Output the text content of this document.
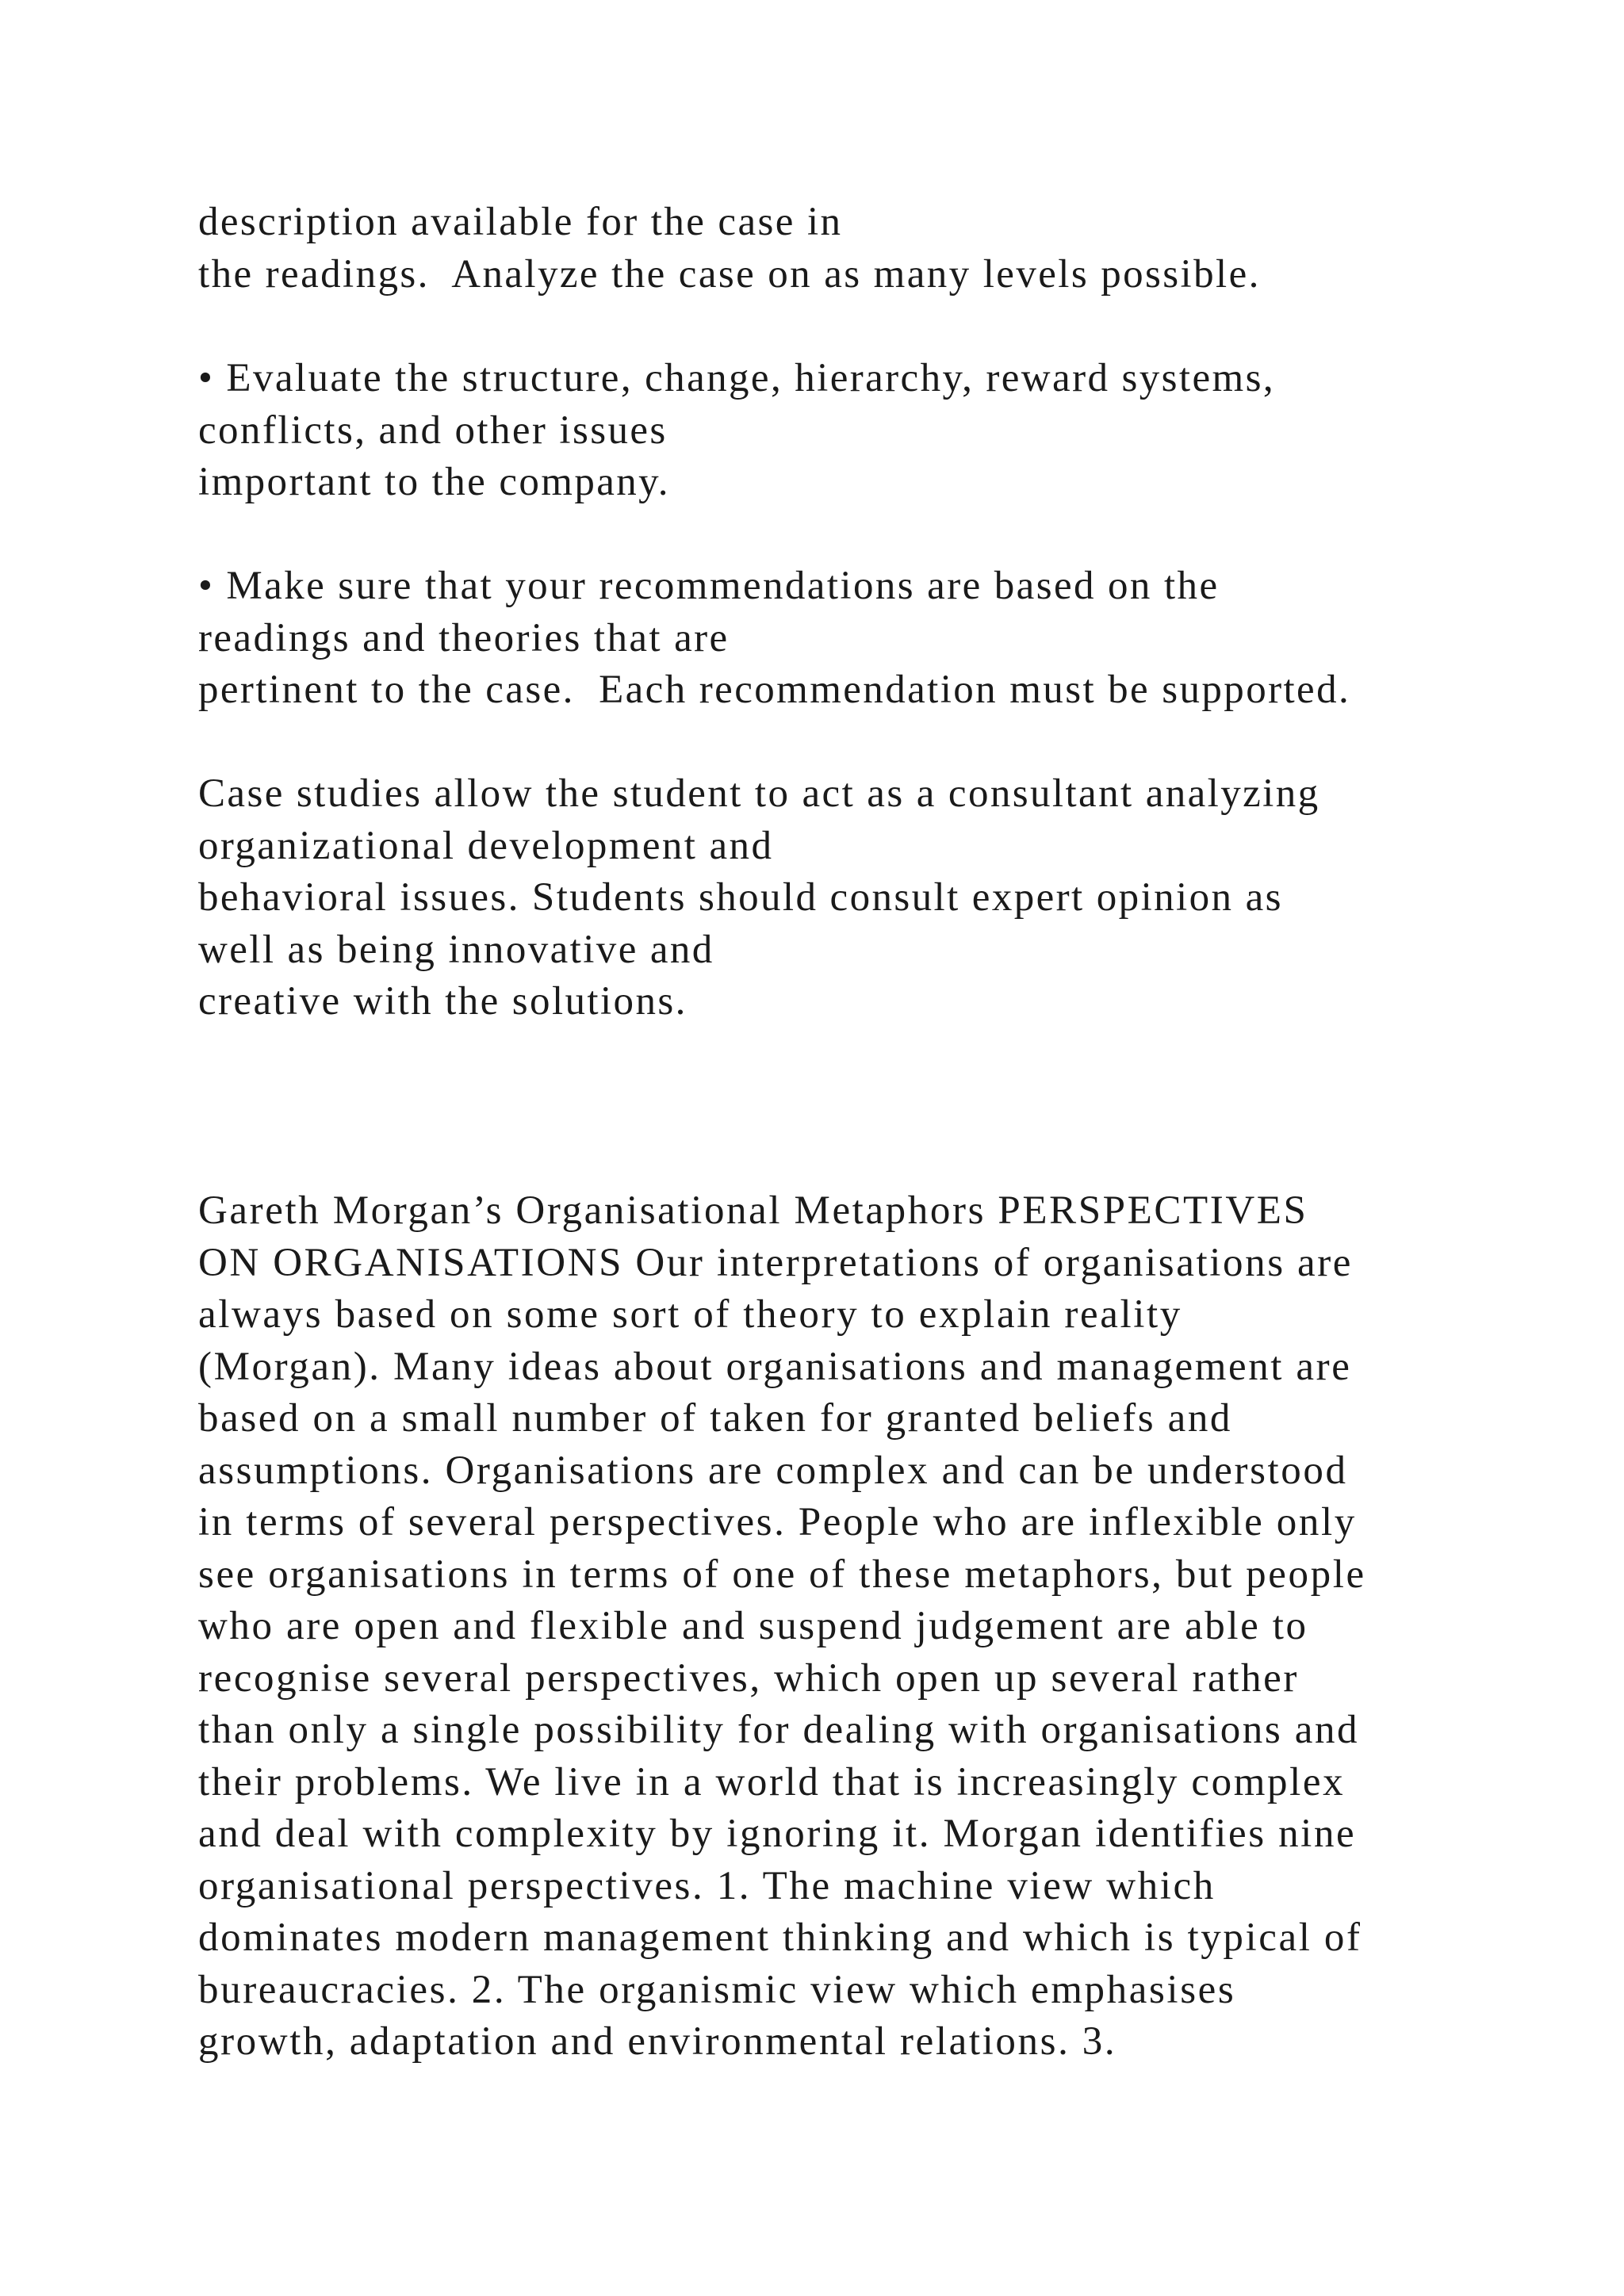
description available for the case in
the readings.  Analyze the case on as many levels possible.

• Evaluate the structure, change, hierarchy, reward systems,
conflicts, and other issues
important to the company.

• Make sure that your recommendations are based on the
readings and theories that are
pertinent to the case.  Each recommendation must be supported.

Case studies allow the student to act as a consultant analyzing
organizational development and
behavioral issues. Students should consult expert opinion as
well as being innovative and
creative with the solutions.

Gareth Morgan’s Organisational Metaphors PERSPECTIVES
ON ORGANISATIONS Our interpretations of organisations are
always based on some sort of theory to explain reality
(Morgan). Many ideas about organisations and management are
based on a small number of taken for granted beliefs and
assumptions. Organisations are complex and can be understood
in terms of several perspectives. People who are inflexible only
see organisations in terms of one of these metaphors, but people
who are open and flexible and suspend judgement are able to
recognise several perspectives, which open up several rather
than only a single possibility for dealing with organisations and
their problems. We live in a world that is increasingly complex
and deal with complexity by ignoring it. Morgan identifies nine
organisational perspectives. 1. The machine view which
dominates modern management thinking and which is typical of
bureaucracies. 2. The organismic view which emphasises
growth, adaptation and environmental relations. 3.
